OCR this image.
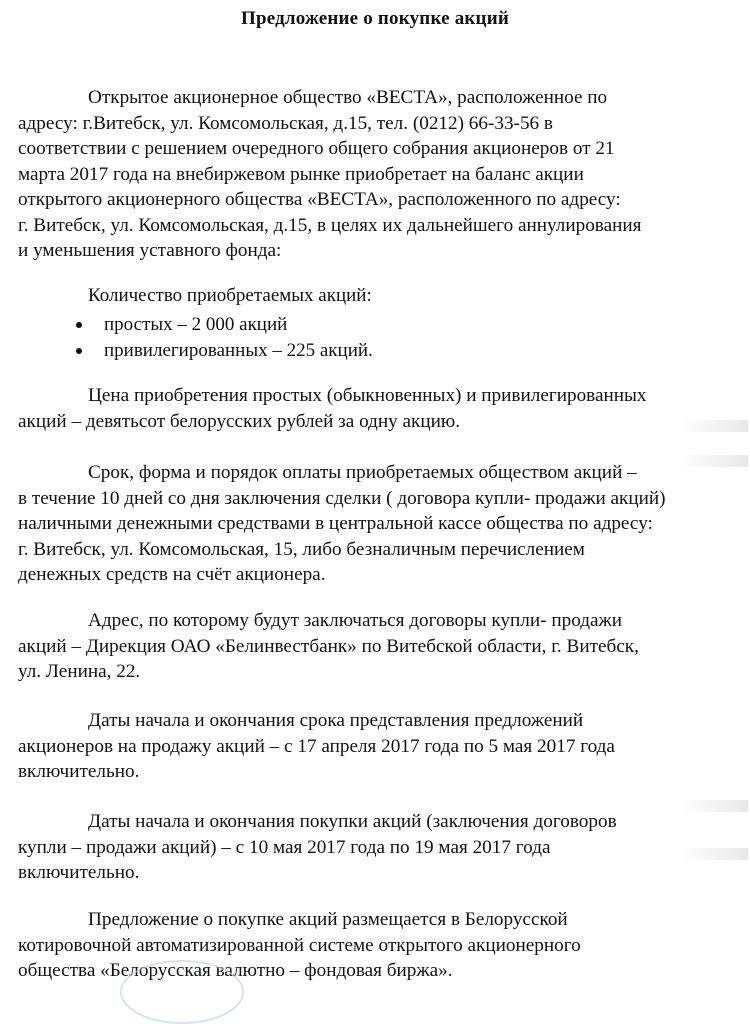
Предложение о покупке акций
Открытое акционерное общество «ВЕСТА», расположенное по
адресу: г.Витебск, ул. Комсомольская, д.15, тел. (0212) 66-33-56 в
соответствии с решением очередного общего собрания акционеров от 21
марта 2017 года на внебиржевом рынке приобретает на баланс акции
открытого акционерного общества «ВЕСТА», расположенного по адресу:
г. Витебск, ул. Комсомольская, д.15, в целях их дальнейшего аннулирования
и уменьшения уставного фонда:
Количество приобретаемых акций:
простых – 2 000 акций
привилегированных – 225 акций.
Цена приобретения простых (обыкновенных) и привилегированных
акций – девятьсот белорусских рублей за одну акцию.
Срок, форма и порядок оплаты приобретаемых обществом акций –
в течение 10 дней со дня заключения сделки ( договора купли- продажи акций)
наличными денежными средствами в центральной кассе общества по адресу:
г. Витебск, ул. Комсомольская, 15, либо безналичным перечислением
денежных средств на счёт акционера.
Адрес, по которому будут заключаться договоры купли- продажи
акций – Дирекция ОАО «Белинвестбанк» по Витебской области, г. Витебск,
ул. Ленина, 22.
Даты начала и окончания срока представления предложений
акционеров на продажу акций – с 17 апреля 2017 года по 5 мая 2017 года
включительно.
Даты начала и окончания покупки акций (заключения договоров
купли – продажи акций) – с 10 мая 2017 года по 19 мая 2017 года
включительно.
Предложение о покупке акций размещается в Белорусской
котировочной автоматизированной системе открытого акционерного
общества «Белорусская валютно – фондовая биржа».
